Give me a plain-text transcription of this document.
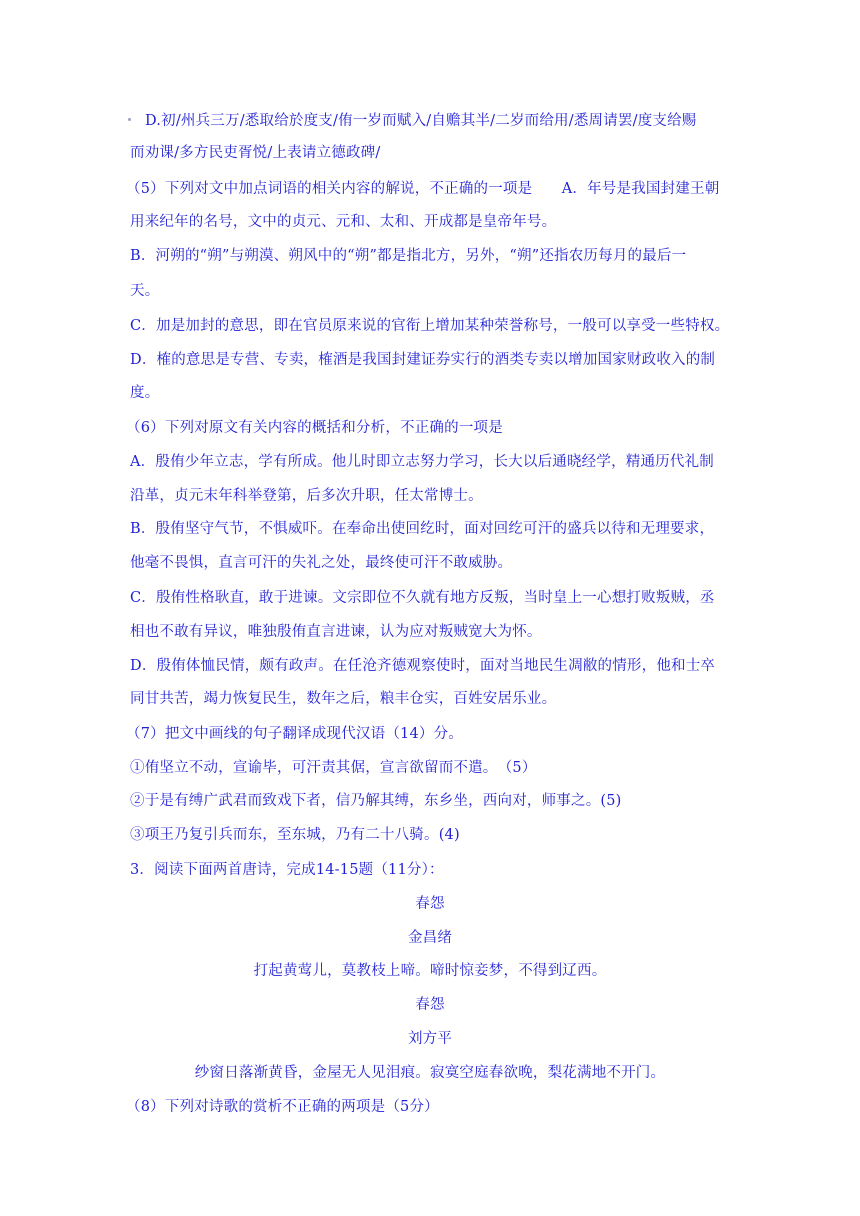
D.初/州兵三万/悉取给於度支/侑一岁而赋入/自赡其半/二岁而给用/悉周请罢/度支给赐
而劝课/多方民吏胥悦/上表请立德政碑/
（5）下列对文中加点词语的相关内容的解说，不正确的一项是　　A．年号是我国封建王朝
用来纪年的名号，文中的贞元、元和、太和、开成都是皇帝年号。
B．河朔的“朔”与朔漠、朔风中的“朔”都是指北方，另外，“朔”还指农历每月的最后一
天。
C．加是加封的意思，即在官员原来说的官衔上增加某种荣誉称号，一般可以享受一些特权。
D．榷的意思是专营、专卖，榷酒是我国封建证券实行的酒类专卖以增加国家财政收入的制
度。
（6）下列对原文有关内容的概括和分析，不正确的一项是
A．殷侑少年立志，学有所成。他儿时即立志努力学习，长大以后通晓经学，精通历代礼制
沿革，贞元末年科举登第，后多次升职，任太常博士。
B．殷侑坚守气节，不惧威吓。在奉命出使回纥时，面对回纥可汗的盛兵以待和无理要求，
他毫不畏惧，直言可汗的失礼之处，最终使可汗不敢威胁。
C．殷侑性格耿直，敢于进谏。文宗即位不久就有地方反叛，当时皇上一心想打败叛贼，丞
相也不敢有异议，唯独殷侑直言进谏，认为应对叛贼宽大为怀。
D．殷侑体恤民情，颇有政声。在任沧齐德观察使时，面对当地民生凋敝的情形，他和士卒
同甘共苦，竭力恢复民生，数年之后，粮丰仓实，百姓安居乐业。
（7）把文中画线的句子翻译成现代汉语（14）分。
①侑坚立不动，宣谕毕，可汗责其倨，宣言欲留而不遣。　（5）
②于是有缚广武君而致戏下者，信乃解其缚，东乡坐，西向对，师事之。(5)
③项王乃复引兵而东，至东城，乃有二十八骑。(4)
3．阅读下面两首唐诗，完成14-15题（11分）：
春怨
金昌绪
打起黄莺儿，莫教枝上啼。啼时惊妾梦，不得到辽西。
春怨
刘方平
纱窗日落渐黄昏，金屋无人见泪痕。寂寞空庭春欲晚，梨花满地不开门。
（8）下列对诗歌的赏析不正确的两项是（5分）
